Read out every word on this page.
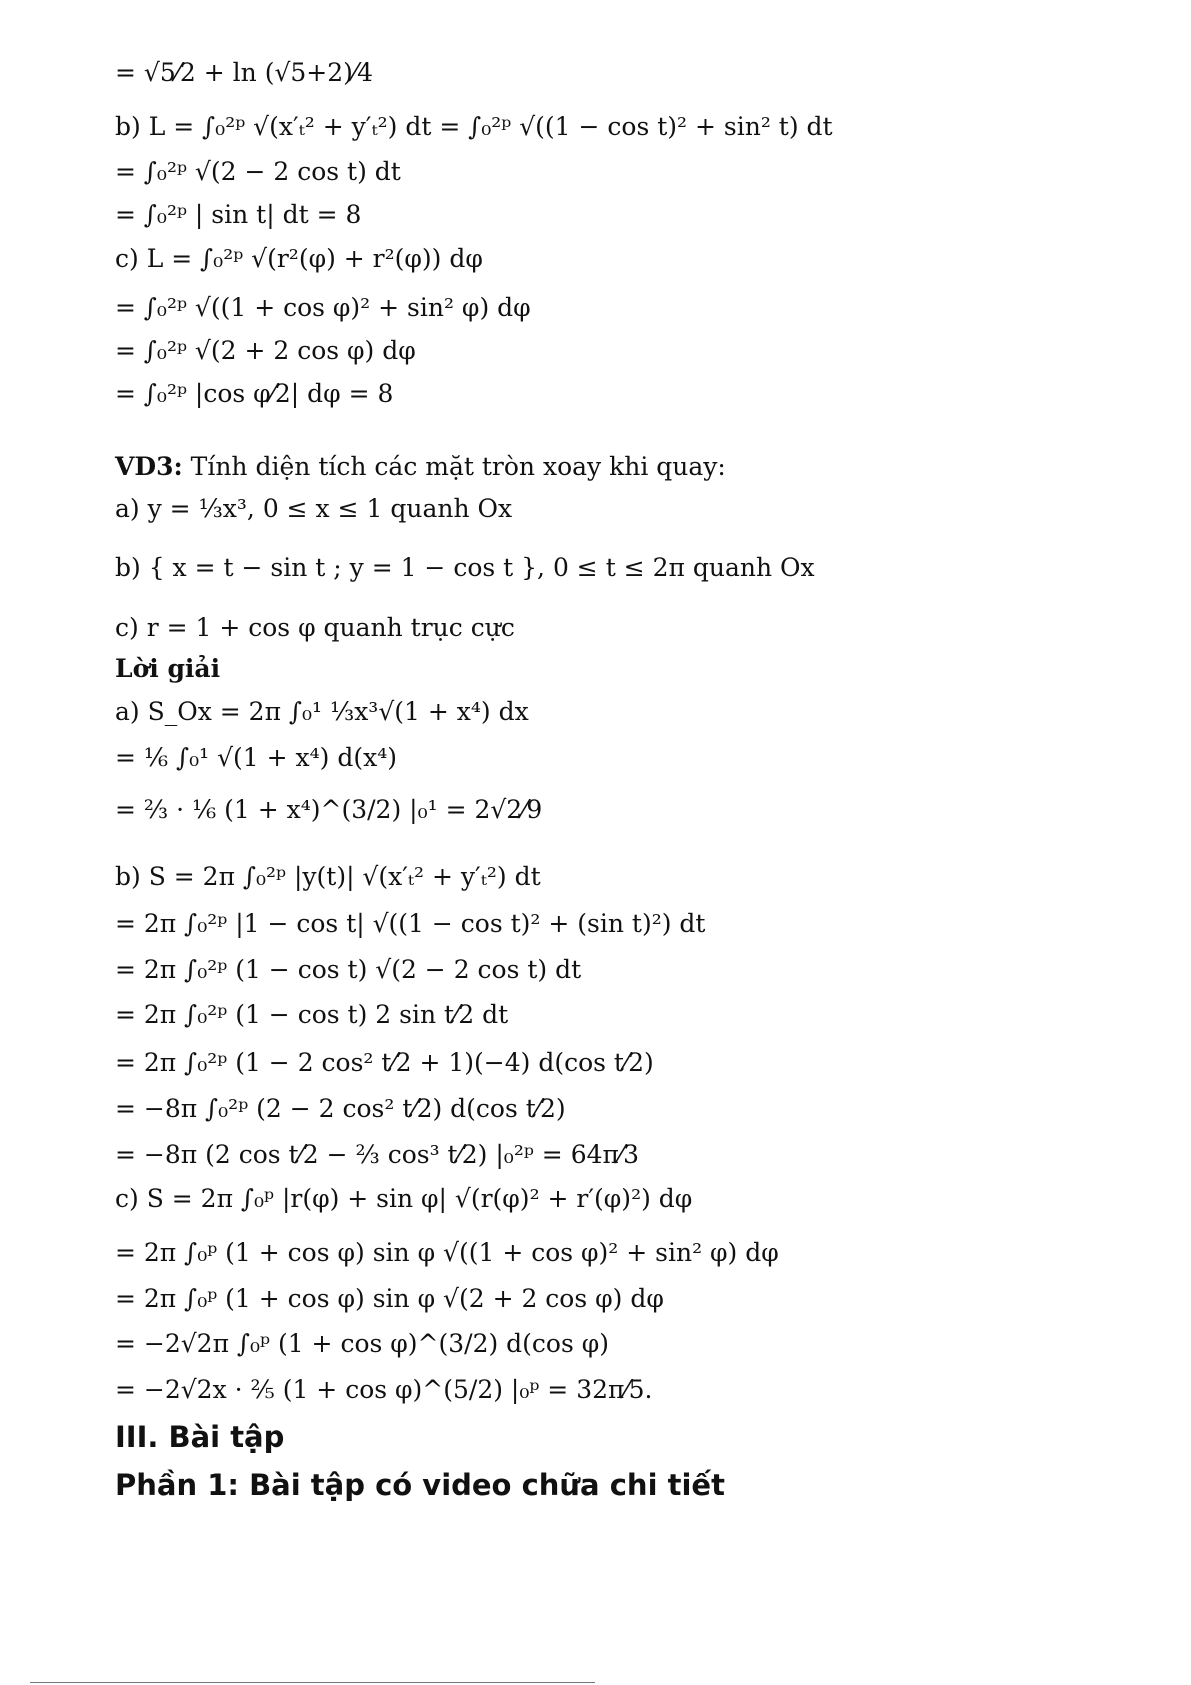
= √5⁄2 + ln (√5+2)⁄4
b) L = ∫₀²ᵖ √(x′ₜ² + y′ₜ²) dt = ∫₀²ᵖ √((1 − cos t)² + sin² t) dt
= ∫₀²ᵖ √(2 − 2 cos t) dt
= ∫₀²ᵖ | sin t| dt = 8
c) L = ∫₀²ᵖ √(r²(φ) + r²(φ)) dφ
= ∫₀²ᵖ √((1 + cos φ)² + sin² φ) dφ
= ∫₀²ᵖ √(2 + 2 cos φ) dφ
= ∫₀²ᵖ |cos φ⁄2| dφ = 8
VD3: Tính diện tích các mặt tròn xoay khi quay:
a) y = ⅓x³, 0 ≤ x ≤ 1 quanh Ox
b) { x = t − sin t ; y = 1 − cos t }, 0 ≤ t ≤ 2π quanh Ox
c) r = 1 + cos φ quanh trục cực
Lời giải
a) S_Ox = 2π ∫₀¹ ⅓x³√(1 + x⁴) dx
= ⅙ ∫₀¹ √(1 + x⁴) d(x⁴)
= ⅔ · ⅙ (1 + x⁴)^(3/2) |₀¹ = 2√2⁄9
b) S = 2π ∫₀²ᵖ |y(t)| √(x′ₜ² + y′ₜ²) dt
= 2π ∫₀²ᵖ |1 − cos t| √((1 − cos t)² + (sin t)²) dt
= 2π ∫₀²ᵖ (1 − cos t) √(2 − 2 cos t) dt
= 2π ∫₀²ᵖ (1 − cos t) 2 sin t⁄2 dt
= 2π ∫₀²ᵖ (1 − 2 cos² t⁄2 + 1)(−4) d(cos t⁄2)
= −8π ∫₀²ᵖ (2 − 2 cos² t⁄2) d(cos t⁄2)
= −8π (2 cos t⁄2 − ⅔ cos³ t⁄2) |₀²ᵖ = 64π⁄3
c) S = 2π ∫₀ᵖ |r(φ) + sin φ| √(r(φ)² + r′(φ)²) dφ
= 2π ∫₀ᵖ (1 + cos φ) sin φ √((1 + cos φ)² + sin² φ) dφ
= 2π ∫₀ᵖ (1 + cos φ) sin φ √(2 + 2 cos φ) dφ
= −2√2π ∫₀ᵖ (1 + cos φ)^(3/2) d(cos φ)
= −2√2x · ⅖ (1 + cos φ)^(5/2) |₀ᵖ = 32π⁄5.
III. Bài tập
Phần 1: Bài tập có video chữa chi tiết
